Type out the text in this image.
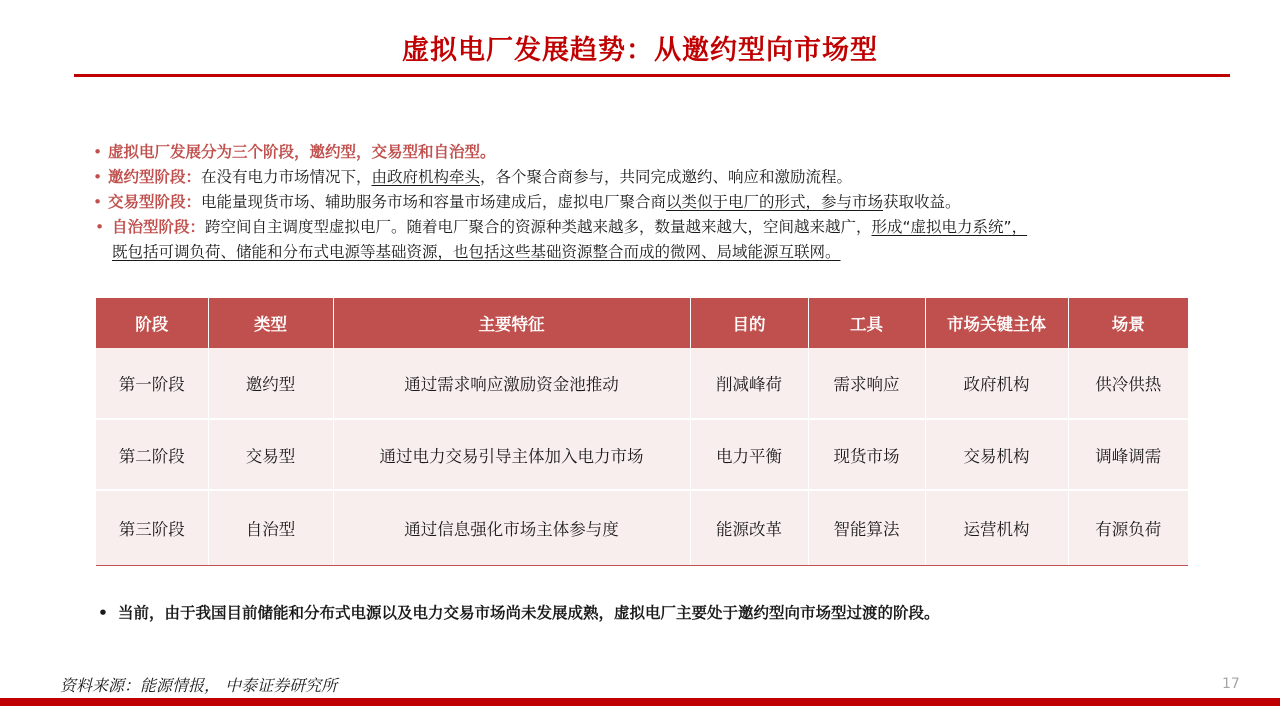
虚拟电厂发展趋势：从邀约型向市场型
• 虚拟电厂发展分为三个阶段，邀约型，交易型和自治型。
• 邀约型阶段：在没有电力市场情况下，由政府机构牵头，各个聚合商参与，共同完成邀约、响应和激励流程。
• 交易型阶段：电能量现货市场、辅助服务市场和容量市场建成后，虚拟电厂聚合商以类似于电厂的形式，参与市场获取收益。
• 自治型阶段：跨空间自主调度型虚拟电厂。随着电厂聚合的资源种类越来越多，数量越来越大，空间越来越广，形成“虚拟电力系统”，
既包括可调负荷、储能和分布式电源等基础资源，也包括这些基础资源整合而成的微网、局域能源互联网。
阶段	类型	主要特征	目的	工具	市场关键主体	场景
第一阶段	邀约型	通过需求响应激励资金池推动	削减峰荷	需求响应	政府机构	供冷供热
第二阶段	交易型	通过电力交易引导主体加入电力市场	电力平衡	现货市场	交易机构	调峰调需
第三阶段	自治型	通过信息强化市场主体参与度	能源改革	智能算法	运营机构	有源负荷
• 当前，由于我国目前储能和分布式电源以及电力交易市场尚未发展成熟，虚拟电厂主要处于邀约型向市场型过渡的阶段。
资料来源：能源情报， 中泰证券研究所	17
